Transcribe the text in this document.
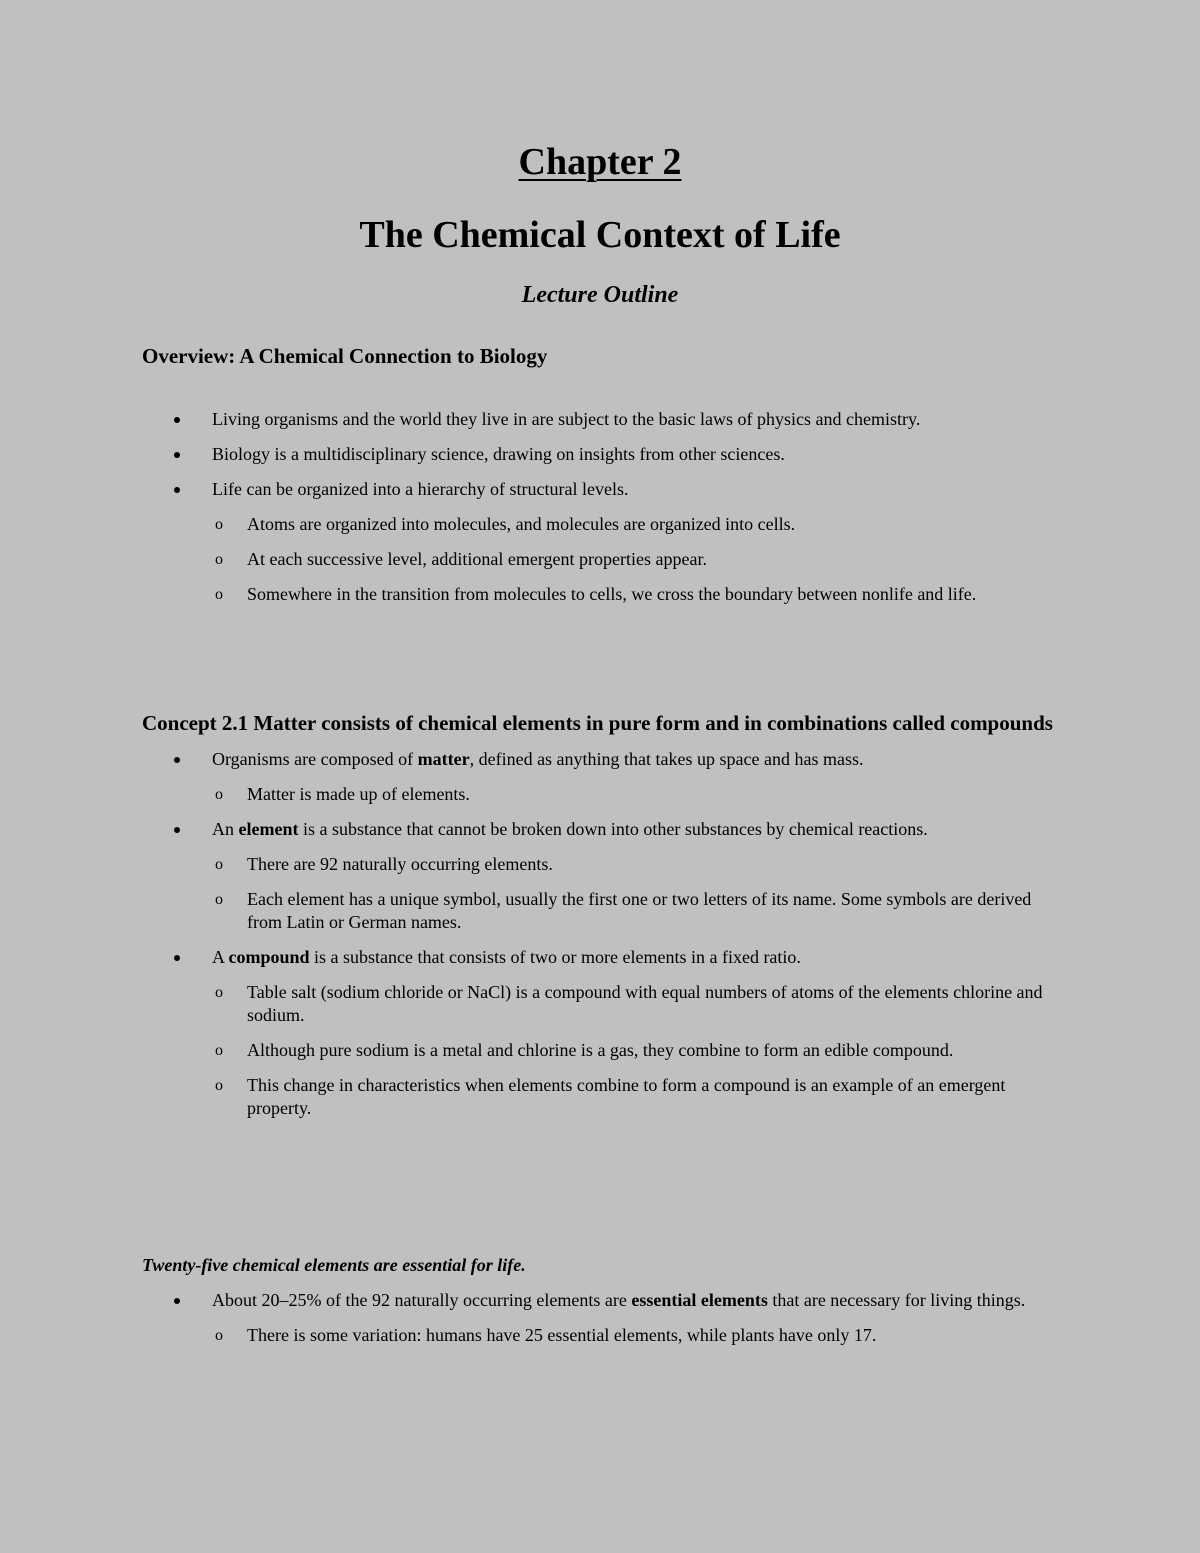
Chapter 2
The Chemical Context of Life
Lecture Outline
Overview: A Chemical Connection to Biology
Living organisms and the world they live in are subject to the basic laws of physics and chemistry.
Biology is a multidisciplinary science, drawing on insights from other sciences.
Life can be organized into a hierarchy of structural levels.
o Atoms are organized into molecules, and molecules are organized into cells.
o At each successive level, additional emergent properties appear.
o Somewhere in the transition from molecules to cells, we cross the boundary between nonlife and life.
Concept 2.1 Matter consists of chemical elements in pure form and in combinations called compounds
Organisms are composed of matter, defined as anything that takes up space and has mass.
o Matter is made up of elements.
An element is a substance that cannot be broken down into other substances by chemical reactions.
o There are 92 naturally occurring elements.
o Each element has a unique symbol, usually the first one or two letters of its name. Some symbols are derived from Latin or German names.
A compound is a substance that consists of two or more elements in a fixed ratio.
o Table salt (sodium chloride or NaCl) is a compound with equal numbers of atoms of the elements chlorine and sodium.
o Although pure sodium is a metal and chlorine is a gas, they combine to form an edible compound.
o This change in characteristics when elements combine to form a compound is an example of an emergent property.
Twenty-five chemical elements are essential for life.
About 20–25% of the 92 naturally occurring elements are essential elements that are necessary for living things.
o There is some variation: humans have 25 essential elements, while plants have only 17.
